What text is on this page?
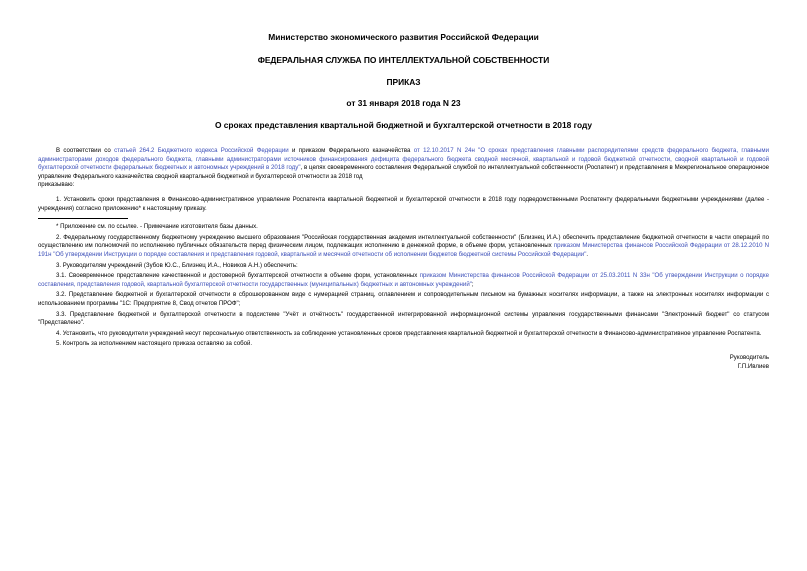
Министерство экономического развития Российской Федерации
ФЕДЕРАЛЬНАЯ СЛУЖБА ПО ИНТЕЛЛЕКТУАЛЬНОЙ СОБСТВЕННОСТИ
ПРИКАЗ
от 31 января 2018 года N 23
О сроках представления квартальной бюджетной и бухгалтерской отчетности в 2018 году

В соответствии со статьей 264.2 Бюджетного кодекса Российской Федерации и приказом Федерального казначейства от 12.10.2017 N 24н "О сроках представления главными распорядителями средств федерального бюджета, главными администраторами доходов федерального бюджета, главными администраторами источников финансирования дефицита федерального бюджета сводной месячной, квартальной и годовой бюджетной отчетности, сводной квартальной и годовой бухгалтерской отчетности федеральных бюджетных и автономных учреждений в 2018 году", в целях своевременного составления Федеральной службой по интеллектуальной собственности (Роспатент) и представления в Межрегиональное операционное управление Федерального казначейства сводной квартальной бюджетной и бухгалтерской отчетности за 2018 год

приказываю:

1. Установить сроки представления в Финансово-административное управление Роспатента квартальной бюджетной и бухгалтерской отчетности в 2018 году подведомственными Роспатенту федеральными бюджетными учреждениями (далее - учреждения) согласно приложению* к настоящему приказу.

* Приложение см. по ссылке. - Примечание изготовителя базы данных.

2. Федеральному государственному бюджетному учреждению высшего образования "Российская государственная академия интеллектуальной собственности" (Близнец И.А.) обеспечить представление бюджетной отчетности в части операций по осуществлению им полномочий по исполнению публичных обязательств перед физическим лицом, подлежащих исполнению в денежной форме, в объеме форм, установленных приказом Министерства финансов Российской Федерации от 28.12.2010 N 191н "Об утверждении Инструкции о порядке составления и представления годовой, квартальной и месячной отчетности об исполнении бюджетов бюджетной системы Российской Федерации".

3. Руководителям учреждений (Зубов Ю.С., Близнец И.А., Новиков А.Н.) обеспечить:

3.1. Своевременное представление качественной и достоверной бухгалтерской отчетности в объеме форм, установленных приказом Министерства финансов Российской Федерации от 25.03.2011 N 33н "Об утверждении Инструкции о порядке составления, представления годовой, квартальной бухгалтерской отчетности государственных (муниципальных) бюджетных и автономных учреждений";

3.2. Представление бюджетной и бухгалтерской отчетности в сброшюрованном виде с нумерацией страниц, оглавлением и сопроводительным письмом на бумажных носителях информации, а также на электронных носителях информации с использованием программы "1С: Предприятие 8, Свод отчетов ПРОФ";

3.3. Представление бюджетной и бухгалтерской отчетности в подсистеме "Учёт и отчётность" государственной интегрированной информационной системы управления государственными финансами "Электронный бюджет" со статусом "Представлено".

4. Установить, что руководители учреждений несут персональную ответственность за соблюдение установленных сроков представления квартальной бюджетной и бухгалтерской отчетности в Финансово-административное управление Роспатента.

5. Контроль за исполнением настоящего приказа оставляю за собой.

Руководитель
Г.П.Ивлиев
